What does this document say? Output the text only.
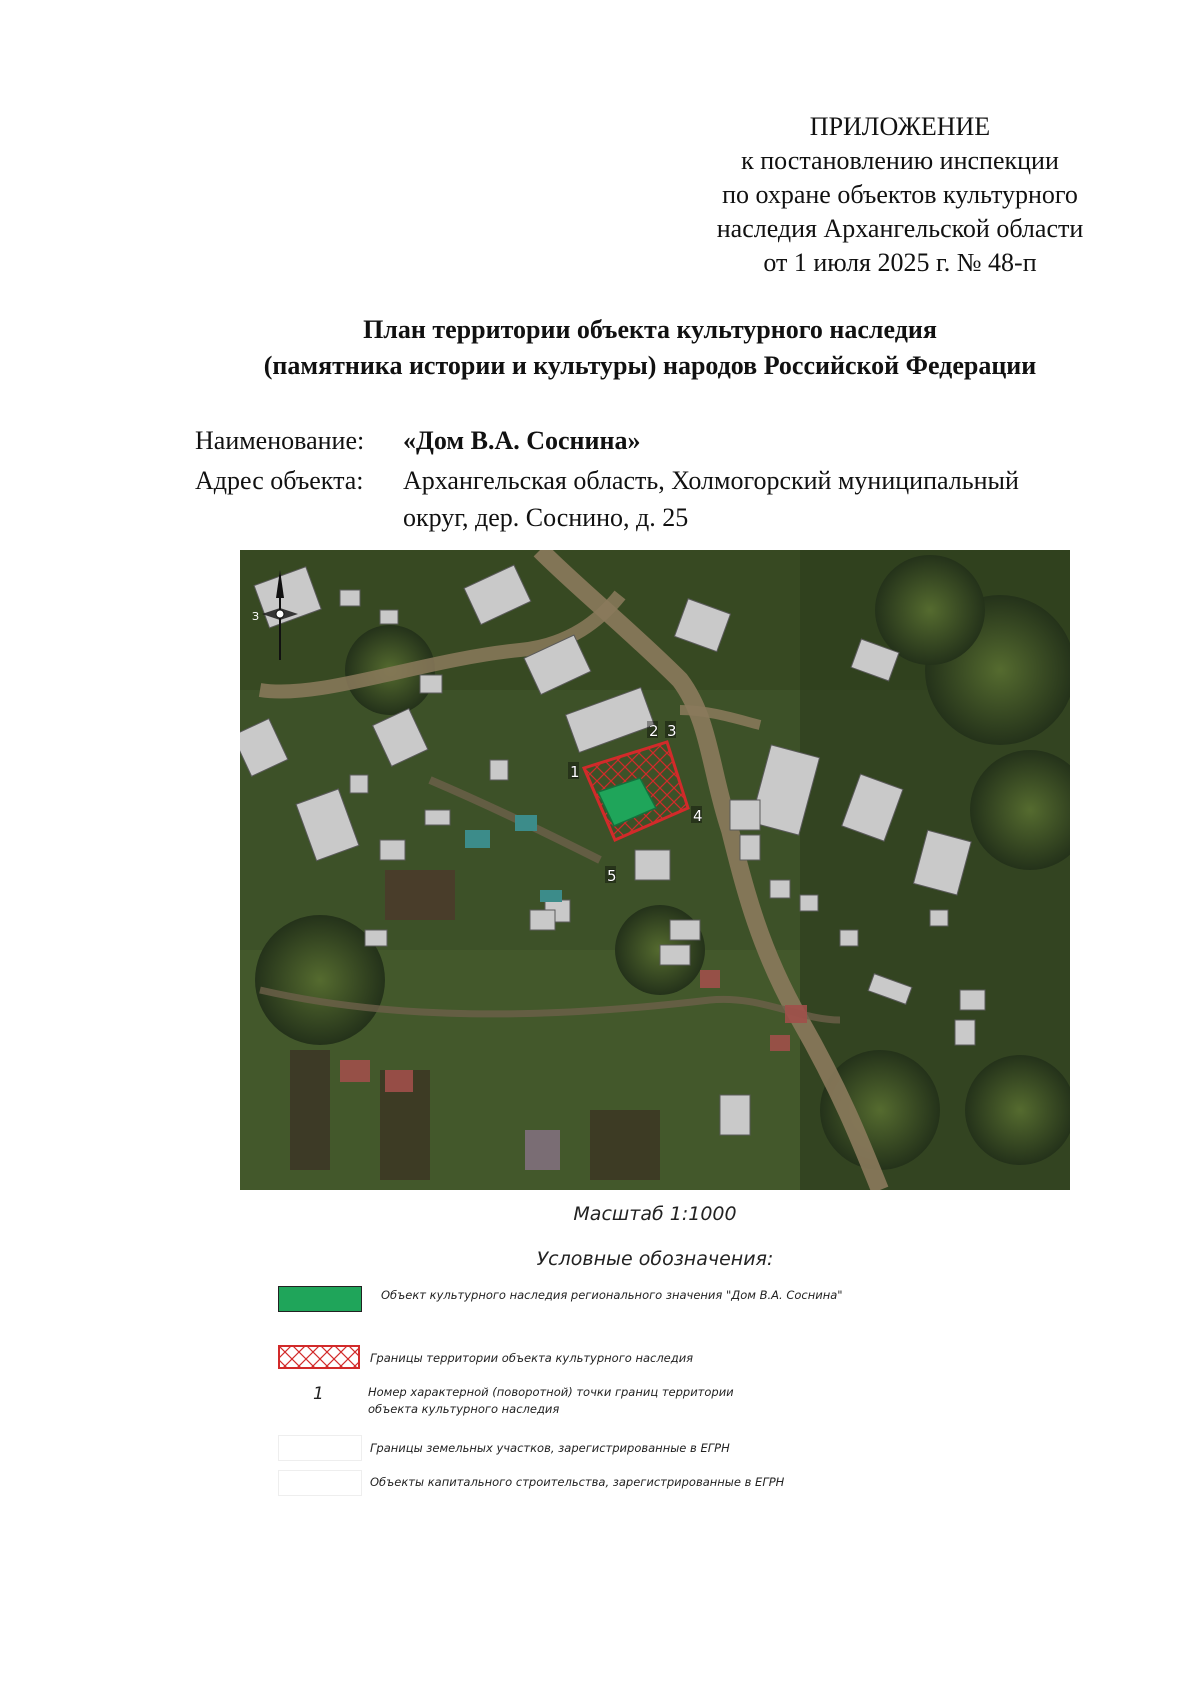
ПРИЛОЖЕНИЕ
к постановлению инспекции
по охране объектов культурного
наследия Архангельской области
от 1 июля 2025 г. № 48-п
План территории объекта культурного наследия
(памятника истории и культуры) народов Российской Федерации
Наименование: «Дом В.А. Соснина»
Адрес объекта: Архангельская область, Холмогорский муниципальный
округ, дер. Соснино, д. 25
1
2 3
4
5
З
Масштаб 1:1000
Условные обозначения:
Объект культурного наследия регионального значения "Дом В.А. Соснина"
Границы территории объекта культурного наследия
1	Номер характерной (поворотной) точки границ территории
объекта культурного наследия
Границы земельных участков, зарегистрированные в ЕГРН
Объекты капитального строительства, зарегистрированные в ЕГРН
